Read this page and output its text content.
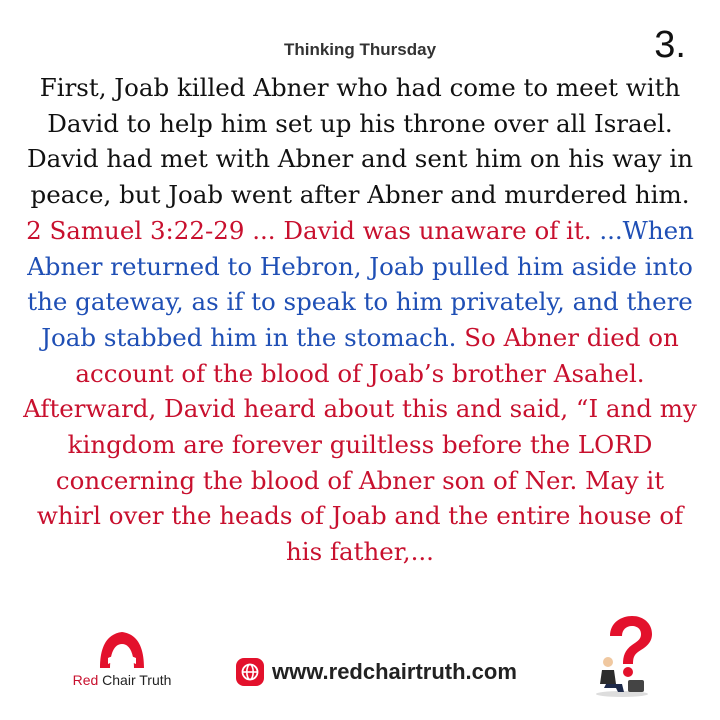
Thinking Thursday	3.

First, Joab killed Abner who had come to meet with David to help him set up his throne over all Israel. David had met with Abner and sent him on his way in peace, but Joab went after Abner and murdered him.

2 Samuel 3:22-29 ... David was unaware of it. ...When Abner returned to Hebron, Joab pulled him aside into the gateway, as if to speak to him privately, and there Joab stabbed him in the stomach. So Abner died on account of the blood of Joab’s brother Asahel.

Afterward, David heard about this and said, “I and my kingdom are forever guiltless before the LORD concerning the blood of Abner son of Ner. May it whirl over the heads of Joab and the entire house of his father,...

Red Chair Truth	www.redchairtruth.com
